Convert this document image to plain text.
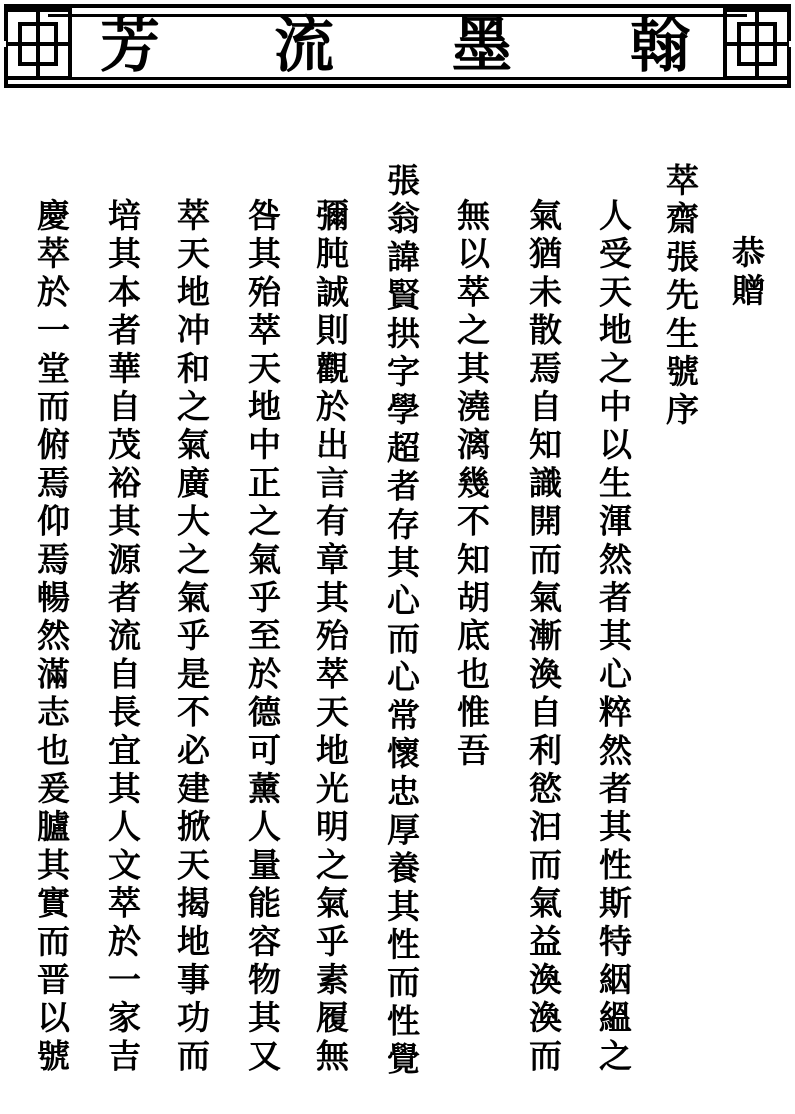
芳 流 墨 翰
恭贈
萃齋張先生號序
人受天地之中以生渾然者其心粹然者其性斯特絪縕之
氣猶未散焉自知識開而氣漸渙自利慾汩而氣益渙渙而
無以萃之其澆漓幾不知胡底也惟吾
張翁諱賢拱字學超者存其心而心常懷忠厚養其性而性覺
彌肫誠則觀於出言有章其殆萃天地光明之氣乎素履無
咎其殆萃天地中正之氣乎至於德可薰人量能容物其又
萃天地冲和之氣廣大之氣乎是不必建掀天揭地事功而
培其本者華自茂裕其源者流自長宜其人文萃於一家吉
慶萃於一堂而俯焉仰焉暢然滿志也爰臚其實而晋以號
